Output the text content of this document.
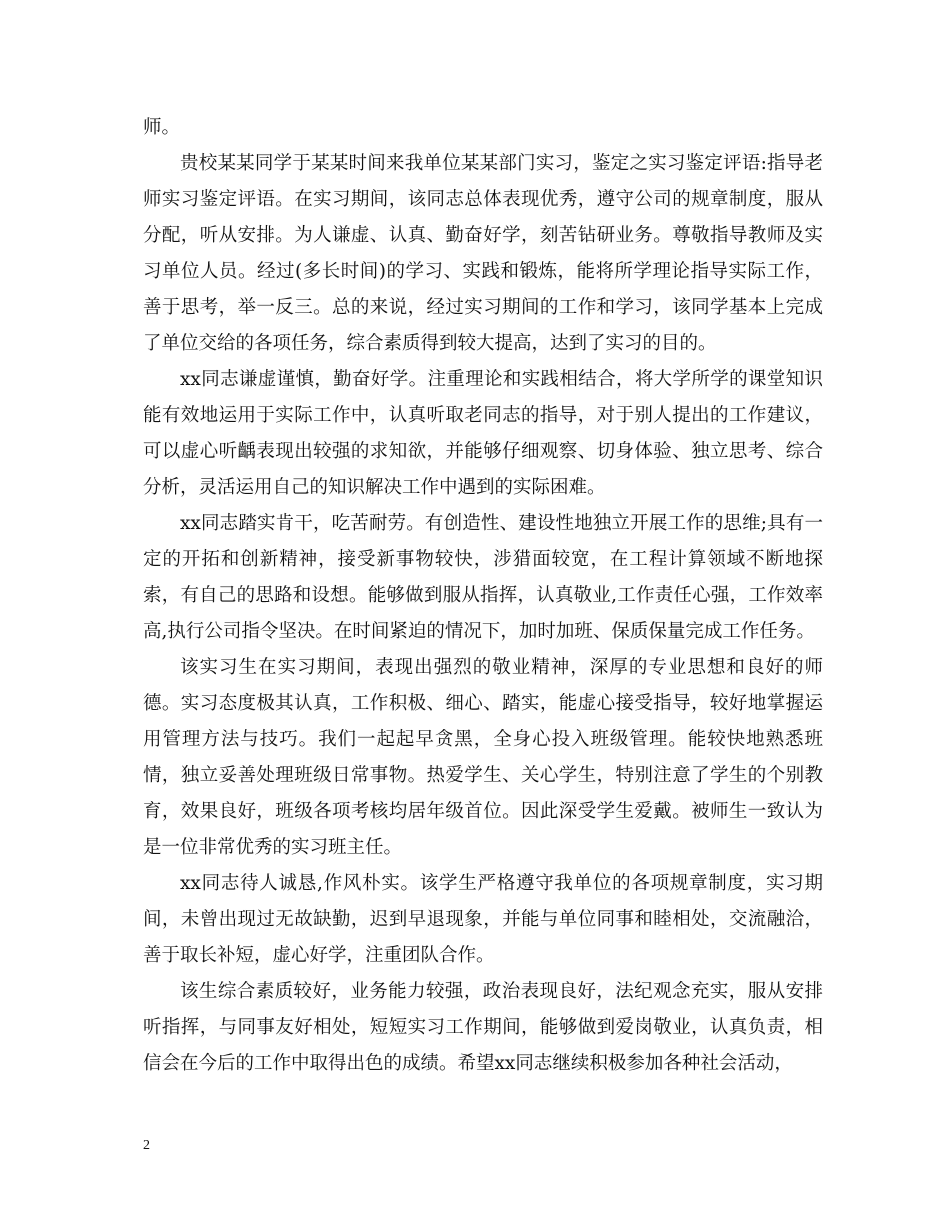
师。

贵校某某同学于某某时间来我单位某某部门实习，鉴定之实习鉴定评语:指导老师实习鉴定评语。在实习期间，该同志总体表现优秀，遵守公司的规章制度，服从分配，听从安排。为人谦虚、认真、勤奋好学，刻苦钻研业务。尊敬指导教师及实习单位人员。经过(多长时间)的学习、实践和锻炼，能将所学理论指导实际工作，善于思考，举一反三。总的来说，经过实习期间的工作和学习，该同学基本上完成了单位交给的各项任务，综合素质得到较大提高，达到了实习的目的。

xx同志谦虚谨慎，勤奋好学。注重理论和实践相结合，将大学所学的课堂知识能有效地运用于实际工作中，认真听取老同志的指导，对于别人提出的工作建议，可以虚心听齲表现出较强的求知欲，并能够仔细观察、切身体验、独立思考、综合分析，灵活运用自己的知识解决工作中遇到的实际困难。

xx同志踏实肯干，吃苦耐劳。有创造性、建设性地独立开展工作的思维;具有一定的开拓和创新精神，接受新事物较快，涉猎面较宽，在工程计算领域不断地探索，有自己的思路和设想。能够做到服从指挥，认真敬业,工作责任心强，工作效率高,执行公司指令坚决。在时间紧迫的情况下，加时加班、保质保量完成工作任务。

该实习生在实习期间，表现出强烈的敬业精神，深厚的专业思想和良好的师德。实习态度极其认真，工作积极、细心、踏实，能虚心接受指导，较好地掌握运用管理方法与技巧。我们一起起早贪黑，全身心投入班级管理。能较快地熟悉班情，独立妥善处理班级日常事物。热爱学生、关心学生，特别注意了学生的个别教育，效果良好，班级各项考核均居年级首位。因此深受学生爱戴。被师生一致认为是一位非常优秀的实习班主任。

xx同志待人诚恳,作风朴实。该学生严格遵守我单位的各项规章制度，实习期间，未曾出现过无故缺勤，迟到早退现象，并能与单位同事和睦相处，交流融洽，善于取长补短，虚心好学，注重团队合作。

该生综合素质较好，业务能力较强，政治表现良好，法纪观念充实，服从安排听指挥，与同事友好相处，短短实习工作期间，能够做到爱岗敬业，认真负责，相信会在今后的工作中取得出色的成绩。希望xx同志继续积极参加各种社会活动，

2
